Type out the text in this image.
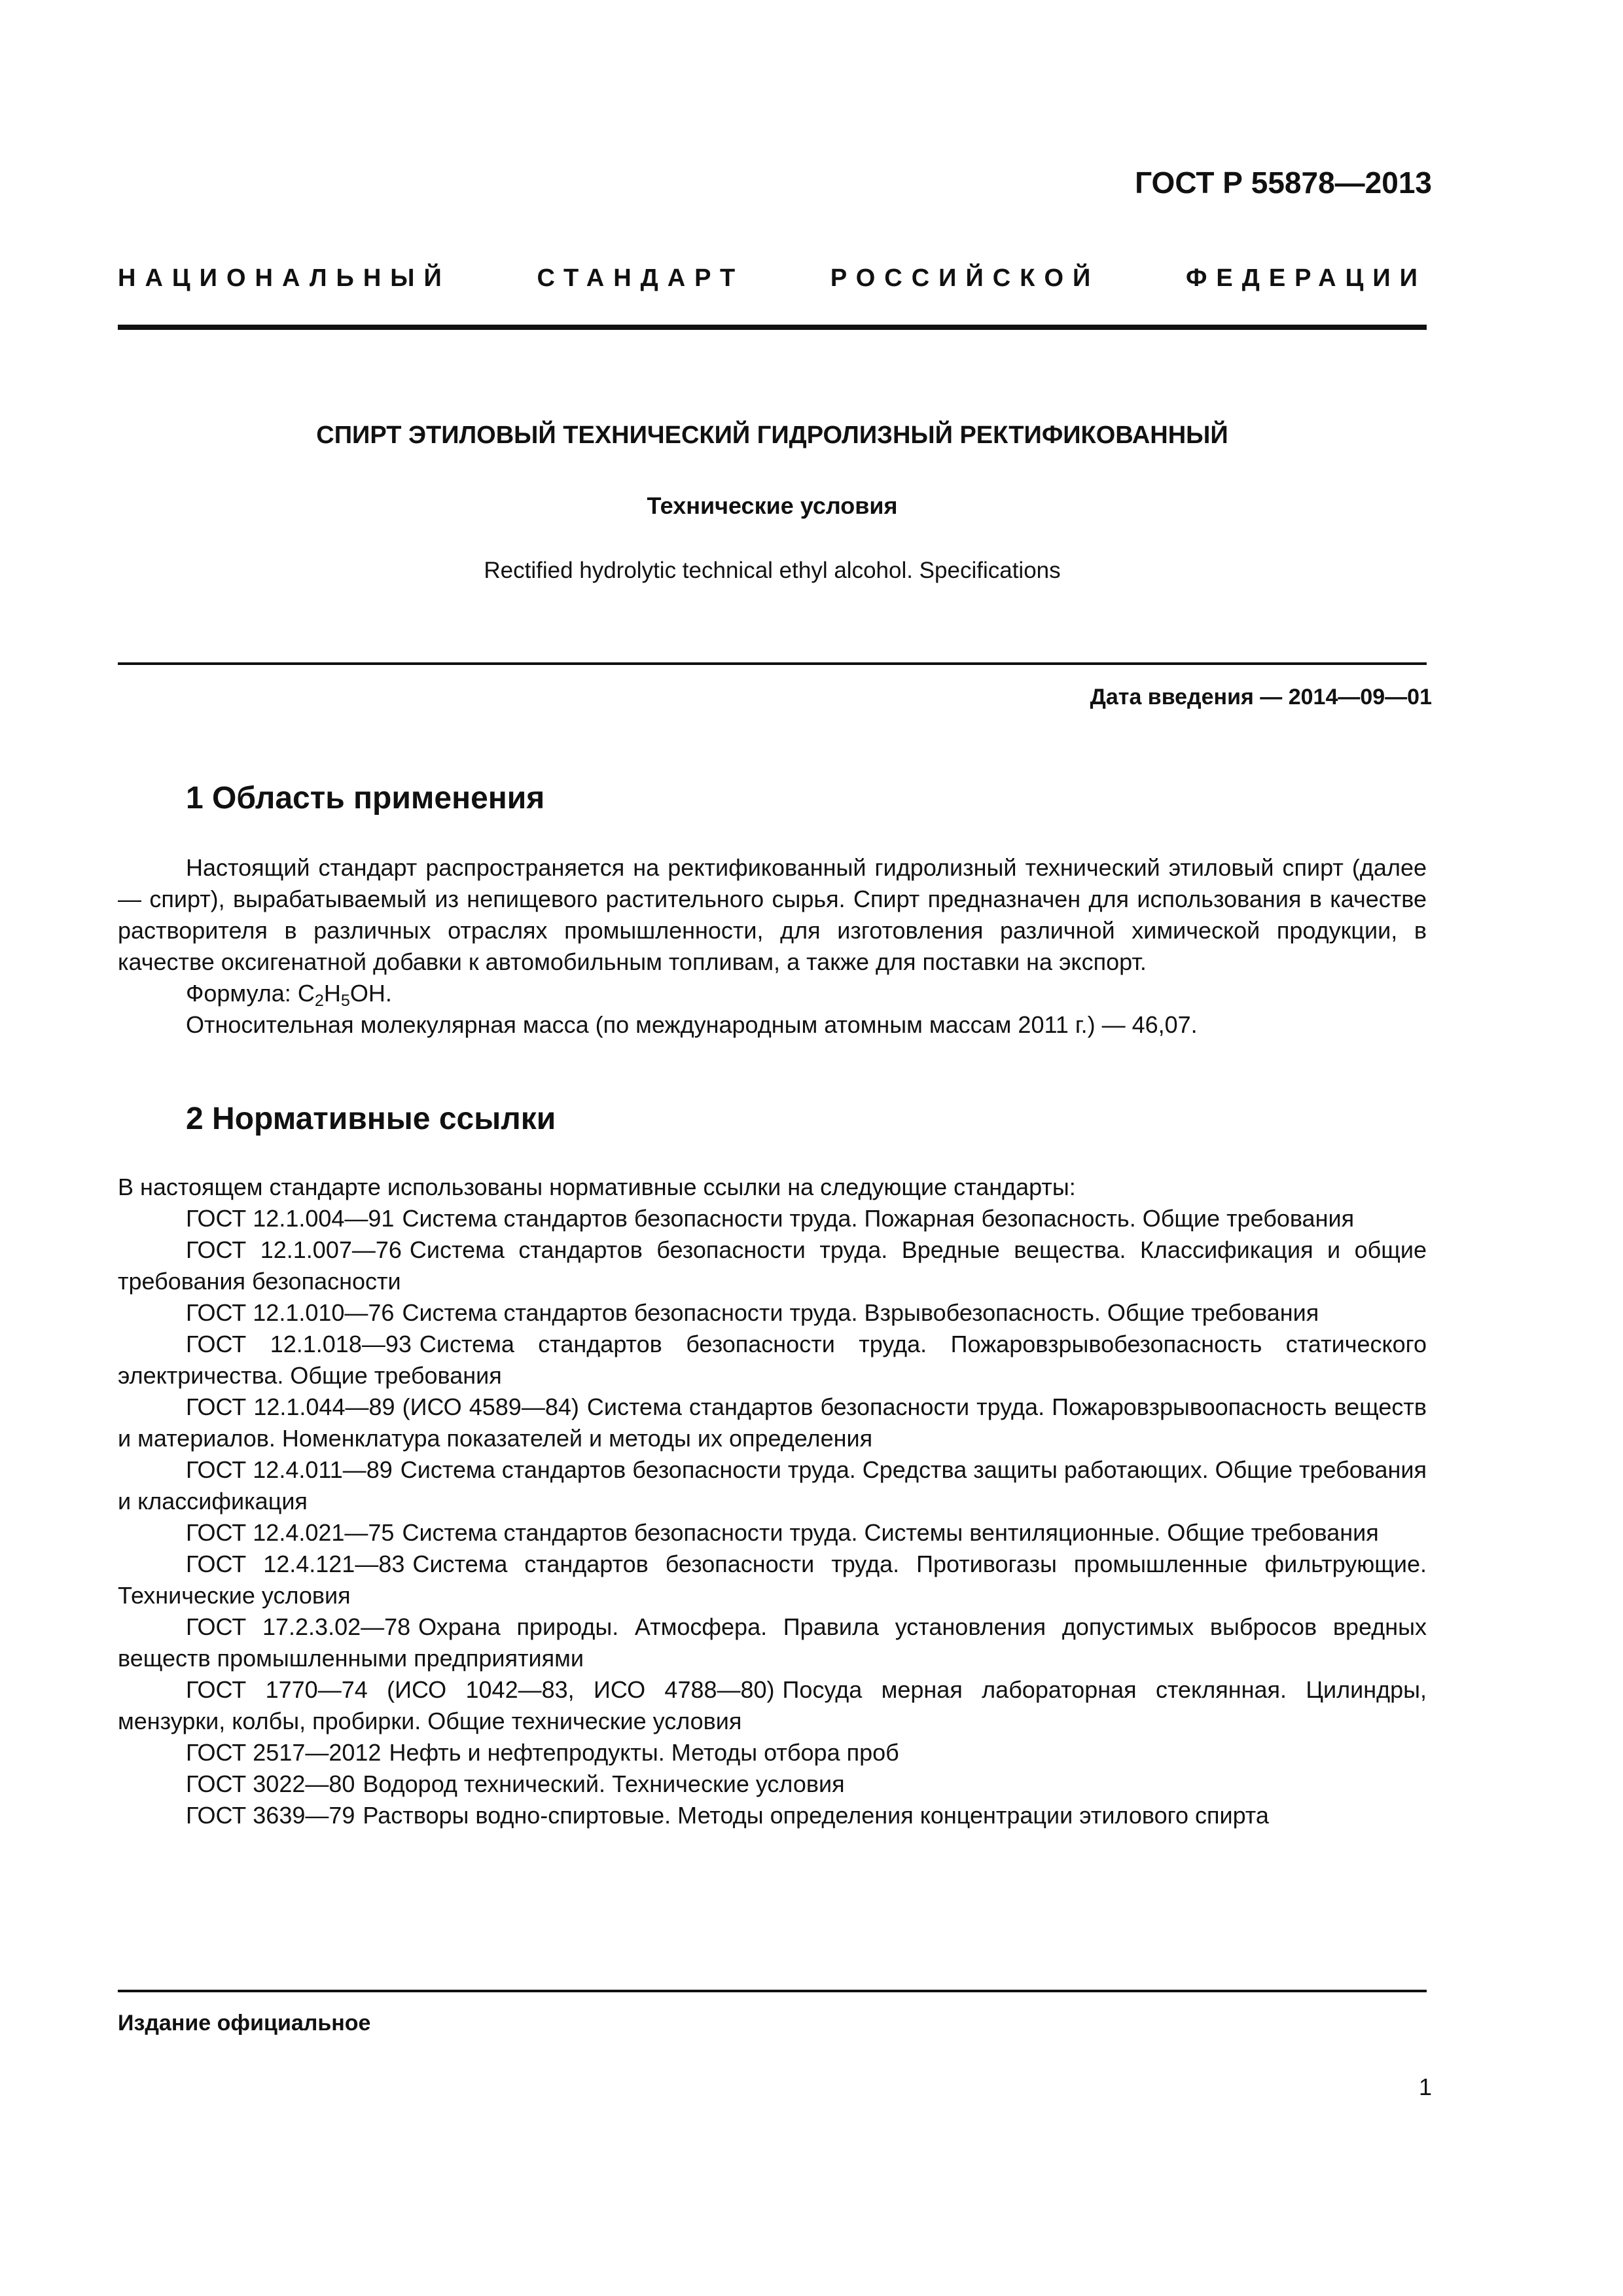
ГОСТ Р 55878—2013
НАЦИОНАЛЬНЫЙ	СТАНДАРТ	РОССИЙСКОЙ	ФЕДЕРАЦИИ
СПИРТ ЭТИЛОВЫЙ ТЕХНИЧЕСКИЙ ГИДРОЛИЗНЫЙ РЕКТИФИКОВАННЫЙ
Технические условия
Rectified hydrolytic technical ethyl alcohol. Specifications
Дата введения — 2014—09—01
1 Область применения

Настоящий стандарт распространяется на ректификованный гидролизный технический этиловый спирт (далее — спирт), вырабатываемый из непищевого растительного сырья. Спирт предназначен для использования в качестве растворителя в различных отраслях промышленности, для изготовления различной химической продукции, в качестве оксигенатной добавки к автомобильным топливам, а также для поставки на экспорт.

Формула: $C_2H_5OH$.

Относительная молекулярная масса (по международным атомным массам 2011 г.) — 46,07.

2 Нормативные ссылки

В настоящем стандарте использованы нормативные ссылки на следующие стандарты:

ГОСТ 12.1.004—91 Система стандартов безопасности труда. Пожарная безопасность. Общие требования

ГОСТ 12.1.007—76 Система стандартов безопасности труда. Вредные вещества. Классификация и общие требования безопасности

ГОСТ 12.1.010—76 Система стандартов безопасности труда. Взрывобезопасность. Общие требования

ГОСТ 12.1.018—93 Система стандартов безопасности труда. Пожаровзрывобезопасность статического электричества. Общие требования

ГОСТ 12.1.044—89 (ИСО 4589—84) Система стандартов безопасности труда. Пожаровзрывоопасность веществ и материалов. Номенклатура показателей и методы их определения

ГОСТ 12.4.011—89 Система стандартов безопасности труда. Средства защиты работающих. Общие требования и классификация

ГОСТ 12.4.021—75 Система стандартов безопасности труда. Системы вентиляционные. Общие требования

ГОСТ 12.4.121—83 Система стандартов безопасности труда. Противогазы промышленные фильтрующие. Технические условия

ГОСТ 17.2.3.02—78 Охрана природы. Атмосфера. Правила установления допустимых выбросов вредных веществ промышленными предприятиями

ГОСТ 1770—74 (ИСО 1042—83, ИСО 4788—80) Посуда мерная лабораторная стеклянная. Цилиндры, мензурки, колбы, пробирки. Общие технические условия

ГОСТ 2517—2012 Нефть и нефтепродукты. Методы отбора проб

ГОСТ 3022—80 Водород технический. Технические условия

ГОСТ 3639—79 Растворы водно-спиртовые. Методы определения концентрации этилового спирта

Издание официальное
1
